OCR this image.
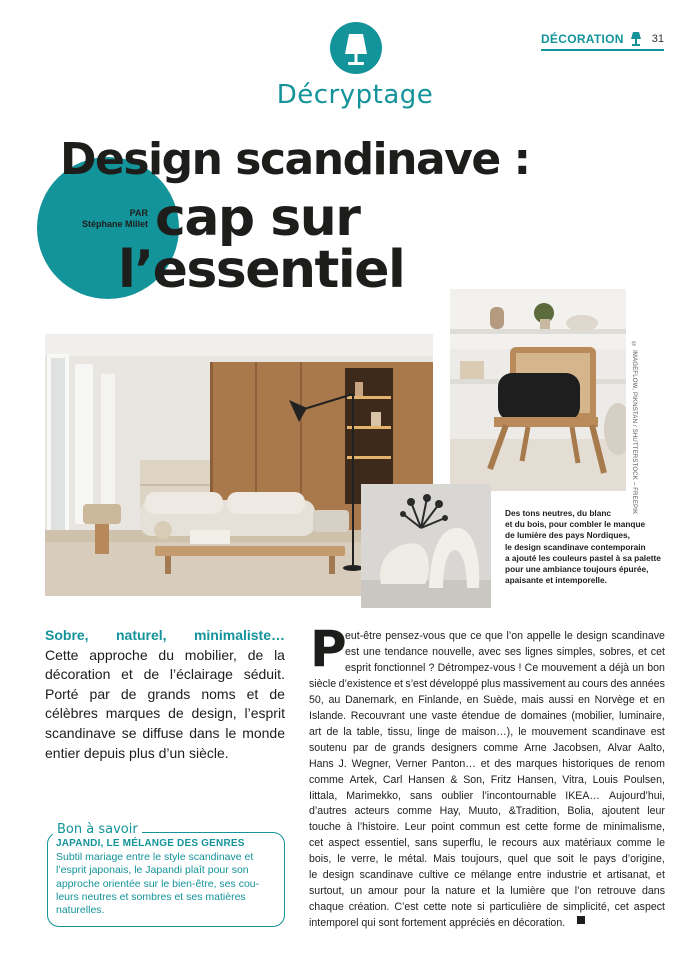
Décryptage
DÉCORATION	31
PAR
Stéphane Millet
Design scandinave :
cap sur
l’essentiel
© IMAGEFLOW, PIKNSTAN / SHUTTERSTOCK – FREEPIK
Des tons neutres, du blanc
et du bois, pour combler le manque
de lumière des pays Nordiques,
le design scandinave contemporain
a ajouté les couleurs pastel à sa palette
pour une ambiance toujours épurée,
apaisante et intemporelle.
Sobre, naturel, minimaliste…
Cette approche du mobilier, de la
décoration et de l’éclairage séduit.
Porté par de grands noms et de
célèbres marques de design, l’esprit
scandinave se diffuse dans le monde
entier depuis plus d’un siècle.
Bon à savoir
JAPANDI, LE MÉLANGE DES GENRES
Subtil mariage entre le style scandinave et
l’esprit japonais, le Japandi plaît pour son
approche orientée sur le bien-être, ses cou-
leurs neutres et sombres et ses matières
naturelles.
P
eut-être pensez-vous que ce que l’on appelle le design scandinave
est une tendance nouvelle, avec ses lignes simples, sobres, et cet
esprit fonctionnel ? Détrompez-vous ! Ce mouvement a déjà un bon
siècle d’existence et s’est développé plus massivement au cours des années
50, au Danemark, en Finlande, en Suède, mais aussi en Norvège et en
Islande. Recouvrant une vaste étendue de domaines (mobilier, luminaire,
art de la table, tissu, linge de maison…), le mouvement scandinave est
soutenu par de grands designers comme Arne Jacobsen, Alvar Aalto,
Hans J. Wegner, Verner Panton… et des marques historiques de renom
comme Artek, Carl Hansen & Son, Fritz Hansen, Vitra, Louis Poulsen,
Iittala, Marimekko, sans oublier l’incontournable IKEA… Aujourd’hui,
d’autres acteurs comme Hay, Muuto, &Tradition, Bolia, ajoutent leur
touche à l’histoire. Leur point commun est cette forme de minimalisme,
cet aspect essentiel, sans superflu, le recours aux matériaux comme le
bois, le verre, le métal. Mais toujours, quel que soit le pays d’origine,
le design scandinave cultive ce mélange entre industrie et artisanat, et
surtout, un amour pour la nature et la lumière que l’on retrouve dans
chaque création. C’est cette note si particulière de simplicité, cet aspect
intemporel qui sont fortement appréciés en décoration.
